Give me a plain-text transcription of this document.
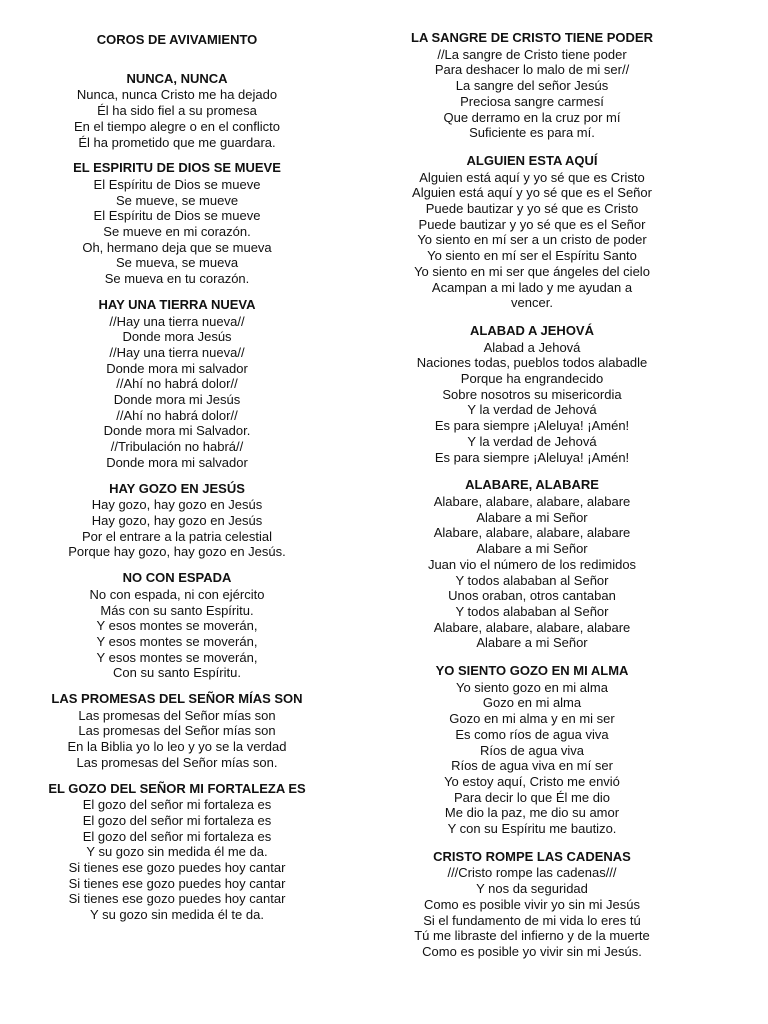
COROS DE AVIVAMIENTO
NUNCA, NUNCA
Nunca, nunca Cristo me ha dejado
Él ha sido fiel a su promesa
En el tiempo alegre o en el conflicto
Él ha prometido que me guardara.
EL ESPIRITU DE DIOS SE MUEVE
El Espíritu de Dios se mueve
Se mueve, se mueve
El Espíritu de Dios se mueve
Se mueve en mi corazón.
Oh, hermano deja que se mueva
Se mueva, se mueva
Se mueva en tu corazón.
HAY UNA TIERRA NUEVA
//Hay una tierra nueva//
Donde mora Jesús
//Hay una tierra nueva//
Donde mora mi salvador
//Ahí no habrá dolor//
Donde mora mi Jesús
//Ahí no habrá dolor//
Donde mora mi Salvador.
//Tribulación no habrá//
Donde mora mi salvador
HAY GOZO EN JESÚS
Hay gozo, hay gozo en Jesús
Hay gozo, hay gozo en Jesús
Por el entrare a la patria celestial
Porque hay gozo, hay gozo en Jesús.
NO CON ESPADA
No con espada, ni con ejército
Más con su santo Espíritu.
Y esos montes se moverán,
Y esos montes se moverán,
Y esos montes se moverán,
Con su santo Espíritu.
LAS PROMESAS DEL SEÑOR MÍAS SON
Las promesas del Señor mías son
Las promesas del Señor mías son
En la Biblia yo lo leo y yo se la verdad
Las promesas del Señor mías son.
EL GOZO DEL SEÑOR MI FORTALEZA ES
El gozo del señor mi fortaleza es
El gozo del señor mi fortaleza es
El gozo del señor mi fortaleza es
Y su gozo sin medida él me da.
Si tienes ese gozo puedes hoy cantar
Si tienes ese gozo puedes hoy cantar
Si tienes ese gozo puedes hoy cantar
Y su gozo sin medida él te da.
LA SANGRE DE CRISTO TIENE PODER
//La sangre de Cristo tiene poder
Para deshacer lo malo de mi ser//
La sangre del señor Jesús
Preciosa sangre carmesí
Que derramo en la cruz por mí
Suficiente es para mí.
ALGUIEN ESTA AQUÍ
Alguien está aquí y yo sé que es Cristo
Alguien está aquí y yo sé que es el Señor
Puede bautizar y yo sé que es Cristo
Puede bautizar y yo sé que es el Señor
Yo siento en mí ser a un cristo de poder
Yo siento en mí ser el Espíritu Santo
Yo siento en mi ser que ángeles del cielo
Acampan a mi lado y me ayudan a
vencer.
ALABAD A JEHOVÁ
Alabad a Jehová
Naciones todas, pueblos todos alabadle
Porque ha engrandecido
Sobre nosotros su misericordia
Y la verdad de Jehová
Es para siempre ¡Aleluya! ¡Amén!
Y la verdad de Jehová
Es para siempre ¡Aleluya! ¡Amén!
ALABARE, ALABARE
Alabare, alabare, alabare, alabare
Alabare a mi Señor
Alabare, alabare, alabare, alabare
Alabare a mi Señor
Juan vio el número de los redimidos
Y todos alababan al Señor
Unos oraban, otros cantaban
Y todos alababan al Señor
Alabare, alabare, alabare, alabare
Alabare a mi Señor
YO SIENTO GOZO EN MI ALMA
Yo siento gozo en mi alma
Gozo en mi alma
Gozo en mi alma y en mi ser
Es como ríos de agua viva
Ríos de agua viva
Ríos de agua viva en mí ser
Yo estoy aquí, Cristo me envió
Para decir lo que Él me dio
Me dio la paz, me dio su amor
Y con su Espíritu me bautizo.
CRISTO ROMPE LAS CADENAS
///Cristo rompe las cadenas///
Y nos da seguridad
Como es posible vivir yo sin mi Jesús
Si el fundamento de mi vida lo eres tú
Tú me libraste del infierno y de la muerte
Como es posible yo vivir sin mi Jesús.
